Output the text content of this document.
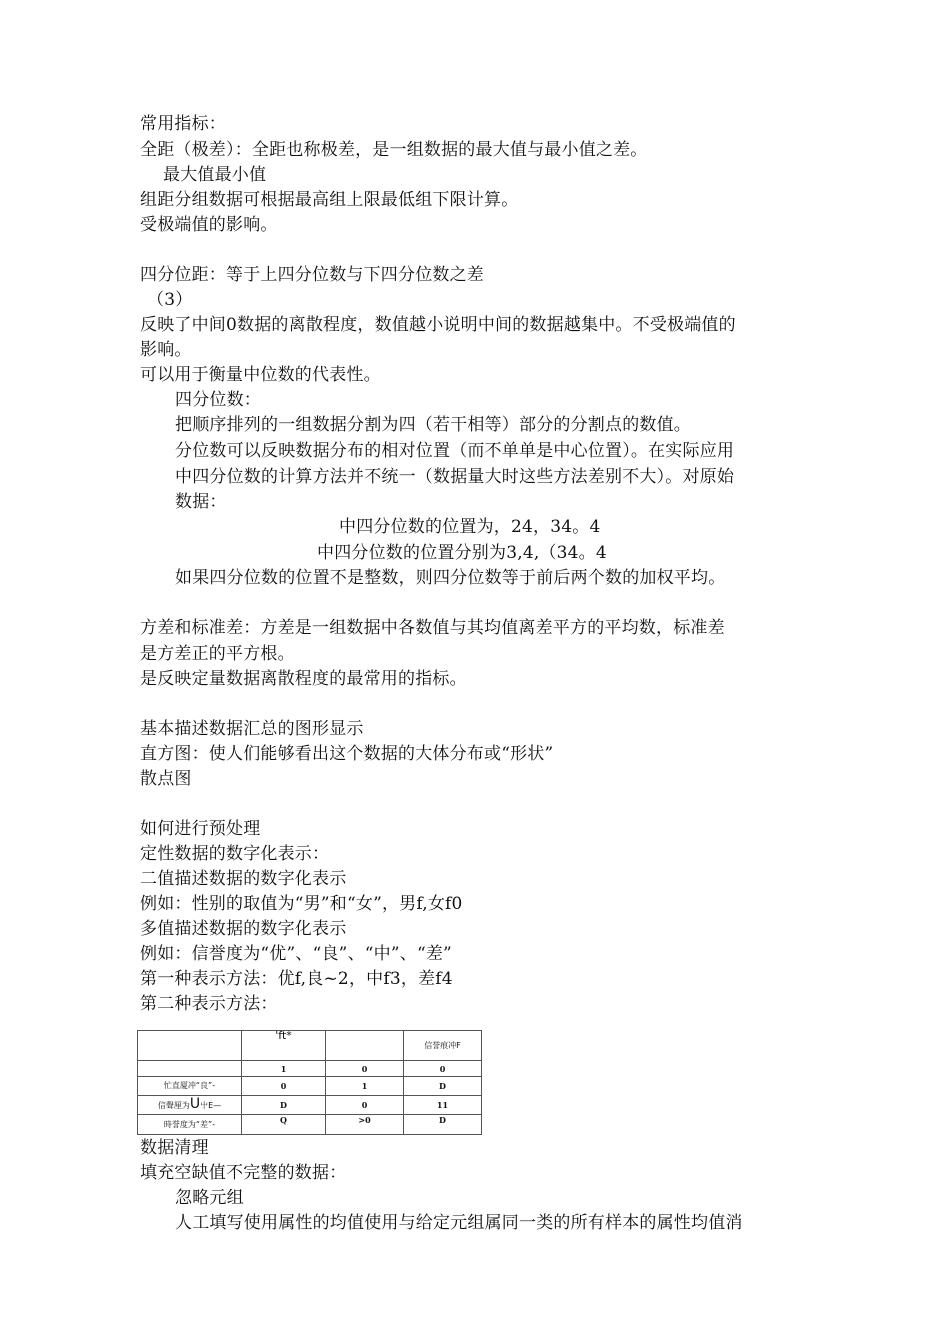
常用指标：
全距（极差）：全距也称极差，是一组数据的最大值与最小值之差。
最大值最小值
组距分组数据可根据最高组上限最低组下限计算。
受极端值的影响。
四分位距：等于上四分位数与下四分位数之差
（3）
反映了中间0数据的离散程度，数值越小说明中间的数据越集中。不受极端值的
影响。
可以用于衡量中位数的代表性。
四分位数：
把顺序排列的一组数据分割为四（若干相等）部分的分割点的数值。
分位数可以反映数据分布的相对位置（而不单单是中心位置）。在实际应用
中四分位数的计算方法并不统一（数据量大时这些方法差别不大）。对原始
数据：
中四分位数的位置为，24，34。4
中四分位数的位置分别为3,4,（34。4
如果四分位数的位置不是整数，则四分位数等于前后两个数的加权平均。
方差和标准差：方差是一组数据中各数值与其均值离差平方的平均数，标准差
是方差正的平方根。
是反映定量数据离散程度的最常用的指标。
基本描述数据汇总的图形显示
直方图：使人们能够看出这个数据的大体分布或“形状”
散点图
如何进行预处理
定性数据的数字化表示：
二值描述数据的数字化表示
例如：性别的取值为“男”和“女”，男f,女f0
多值描述数据的数字化表示
例如：信誉度为“优”、“良”、“中”、“差”
第一种表示方法：优f,良~2，中f3，差f4
第二种表示方法：
	'ft*		信誉痕冲F
	1	0	0
忙直厦冲“良”-	0	1	D
信聲厘为U屮E—	D	0	11
時誉度为“差”-	Q	>0	D
数据清理
填充空缺值不完整的数据：
忽略元组
人工填写使用属性的均值使用与给定元组属同一类的所有样本的属性均值消
